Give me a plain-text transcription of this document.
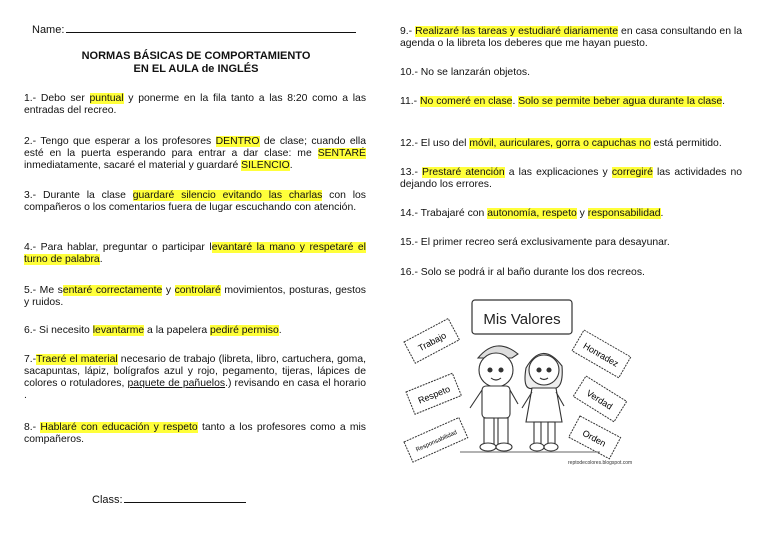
Name:
NORMAS BÁSICAS DE COMPORTAMIENTO
EN EL AULA de INGLÉS

1.- Debo ser puntual y ponerme en la fila tanto a las 8:20 como a las entradas del recreo.

2.- Tengo que esperar a los profesores DENTRO de clase; cuando ella esté en la puerta esperando para entrar a dar clase: me SENTARÉ inmediatamente, sacaré el material y guardaré SILENCIO.

3.- Durante la clase guardaré silencio evitando las charlas con los compañeros o los comentarios fuera de lugar escuchando con atención.

4.- Para hablar, preguntar o participar levantaré la mano y respetaré el turno de palabra.

5.- Me sentaré correctamente y controlaré movimientos, posturas, gestos y ruidos.

6.- Si necesito levantarme a la papelera pediré permiso.

7.-Traeré el material necesario de trabajo (libreta, libro, cartuchera, goma, sacapuntas, lápiz, bolígrafos azul y rojo, pegamento, tijeras, lápices de colores o rotuladores, paquete de pañuelos.) revisando en casa el horario .

8.- Hablaré con educación y respeto tanto a los profesores como a mis compañeros.

Class:

9.- Realizaré las tareas y estudiaré diariamente en casa consultando en la agenda o la libreta los deberes que me hayan puesto.

10.- No se lanzarán objetos.

11.- No comeré en clase. Solo se permite beber agua durante la clase.

12.- El uso del móvil, auriculares, gorra o capuchas no está permitido.

13.- Prestaré atención a las explicaciones y corregiré las actividades no dejando los errores.

14.- Trabajaré con autonomía, respeto y responsabilidad.

15.- El primer recreo será exclusivamente para desayunar.

16.- Solo se podrá ir al baño durante los dos recreos.

Mis Valores
Trabajo
Respeto
Responsabilidad
Honradez
Verdad
Orden
reptodecolores.blogspot.com
